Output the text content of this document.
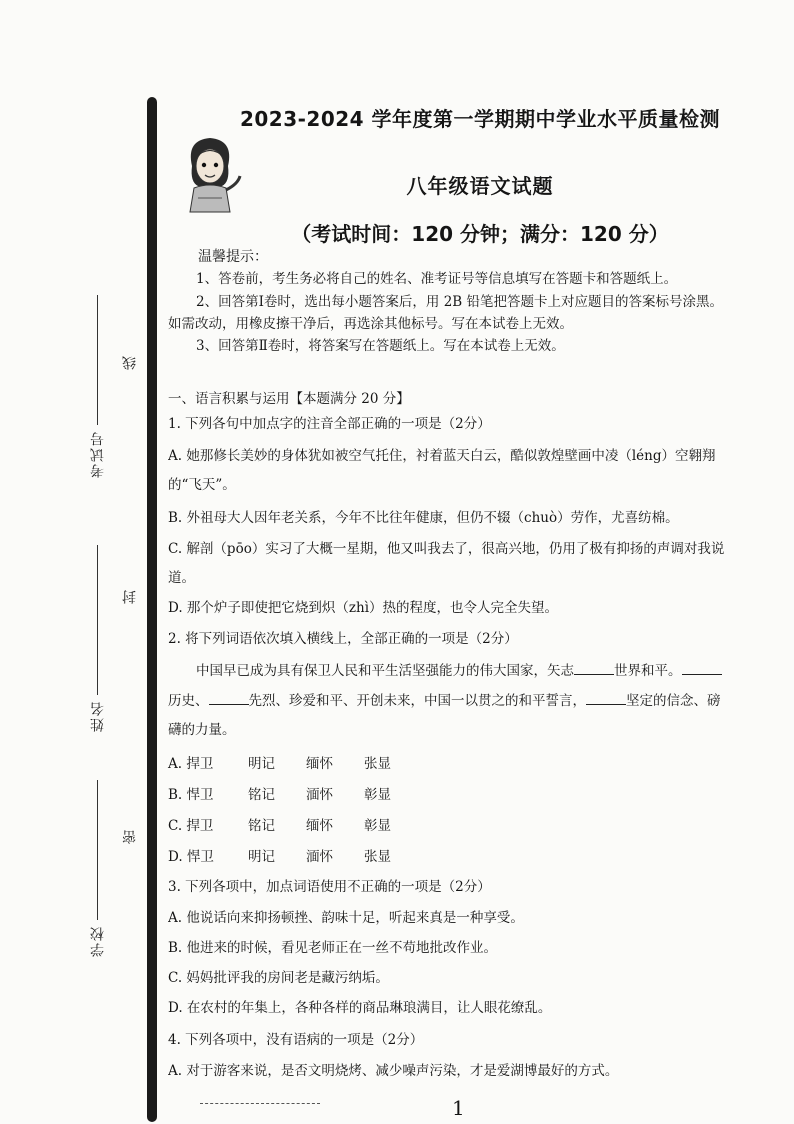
考试号
姓名
学校
线
封
密
2023-2024 学年度第一学期期中学业水平质量检测
八年级语文试题
（考试时间：120 分钟；满分：120 分）
温馨提示：
1、答卷前，考生务必将自己的姓名、准考证号等信息填写在答题卡和答题纸上。
2、回答第Ⅰ卷时，选出每小题答案后，用 2B 铅笔把答题卡上对应题目的答案标号涂黑。
如需改动，用橡皮擦干净后，再选涂其他标号。写在本试卷上无效。
3、回答第Ⅱ卷时，将答案写在答题纸上。写在本试卷上无效。
一、语言积累与运用【本题满分 20 分】
1. 下列各句中加点字的注音全部正确的一项是（2分）
A. 她那修长美妙的身体犹如被空气托住，衬着蓝天白云，酷似敦煌壁画中凌（léng）空翱翔
的“飞天”。
B. 外祖母大人因年老关系，今年不比往年健康，但仍不辍（chuò）劳作，尤喜纺棉。
C. 解剖（pōo）实习了大概一星期，他又叫我去了，很高兴地，仍用了极有抑扬的声调对我说
道。
D. 那个炉子即使把它烧到炽（zhì）热的程度，也令人完全失望。
2. 将下列词语依次填入横线上，全部正确的一项是（2分）
中国早已成为具有保卫人民和平生活坚强能力的伟大国家，矢志	世界和平。
历史、	先烈、珍爱和平、开创未来，中国一以贯之的和平誓言，	坚定的信念、磅
礴的力量。
A. 捍卫	明记 缅怀 张显
B. 悍卫	铭记 湎怀 彰显
C. 捍卫	铭记 缅怀 彰显
D. 悍卫	明记 湎怀 张显
3. 下列各项中，加点词语使用不正确的一项是（2分）
A. 他说话向来抑扬顿挫、韵味十足，听起来真是一种享受。
B. 他进来的时候，看见老师正在一丝不苟地批改作业。
C. 妈妈批评我的房间老是藏污纳垢。
D. 在农村的年集上，各种各样的商品琳琅满目，让人眼花缭乱。
4. 下列各项中，没有语病的一项是（2分）
A. 对于游客来说，是否文明烧烤、减少噪声污染，才是爱湖博最好的方式。
1
